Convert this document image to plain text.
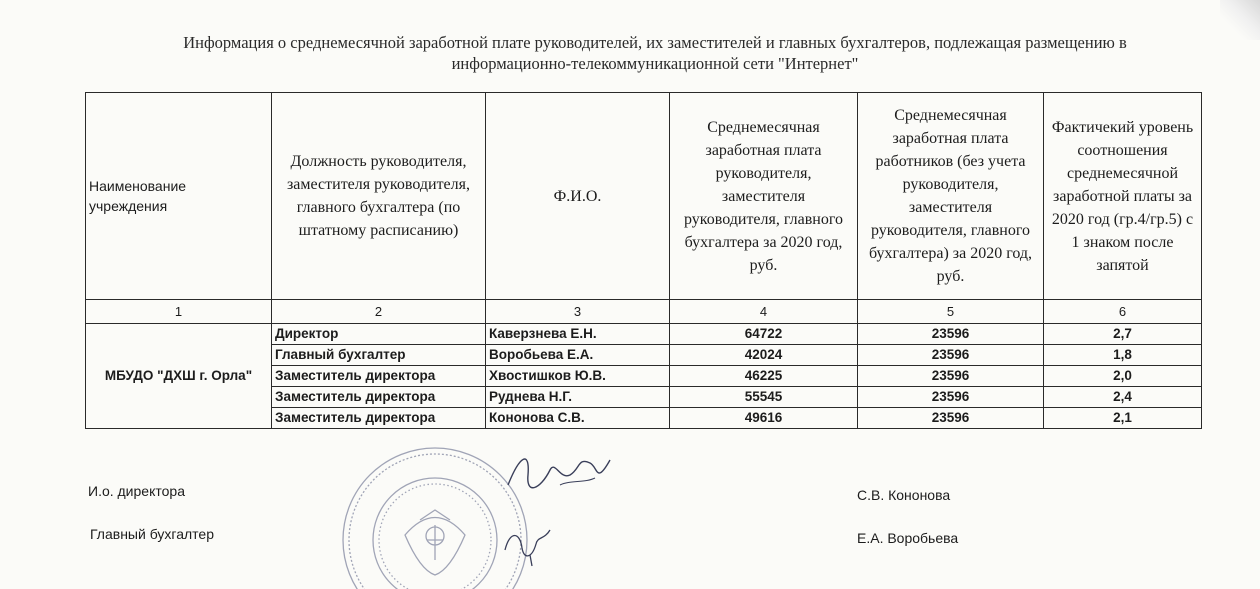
Информация о среднемесячной заработной плате руководителей, их заместителей и главных бухгалтеров, подлежащая размещению в
информационно-телекоммуникационной сети "Интернет"
Наименование учреждения	Должность руководителя, заместителя руководителя, главного бухгалтера (по штатному расписанию)	Ф.И.О.	Среднемесячная заработная плата руководителя, заместителя руководителя, главного бухгалтера за 2020 год, руб.	Среднемесячная заработная плата работников (без учета руководителя, заместителя руководителя, главного бухгалтера) за 2020 год, руб.	Фактичекий уровень соотношения среднемесячной заработной платы за 2020 год (гр.4/гр.5) с 1 знаком после запятой
1	2	3	4	5	6
МБУДО "ДХШ г. Орла"	Директор	Каверзнева Е.Н.	64722	23596	2,7
	Главный бухгалтер	Воробьева Е.А.	42024	23596	1,8
	Заместитель директора	Хвостишков Ю.В.	46225	23596	2,0
	Заместитель директора	Руднева Н.Г.	55545	23596	2,4
	Заместитель директора	Кононова С.В.	49616	23596	2,1
И.о. директора	С.В. Кононова
Главный бухгалтер	Е.А. Воробьева
